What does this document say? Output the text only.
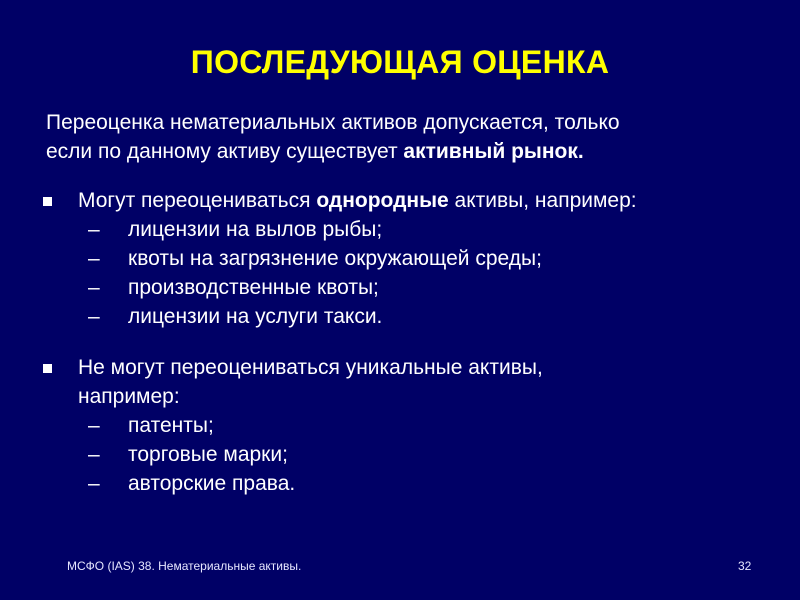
ПОСЛЕДУЮЩАЯ ОЦЕНКА
Переоценка нематериальных активов допускается, только
если по данному активу существует активный рынок.
Могут переоцениваться однородные активы, например:
– лицензии на вылов рыбы;
– квоты на загрязнение окружающей среды;
– производственные квоты;
– лицензии на услуги такси.
Не могут переоцениваться уникальные активы,
например:
– патенты;
– торговые марки;
– авторские права.
МСФО (IAS) 38. Нематериальные активы.	32
